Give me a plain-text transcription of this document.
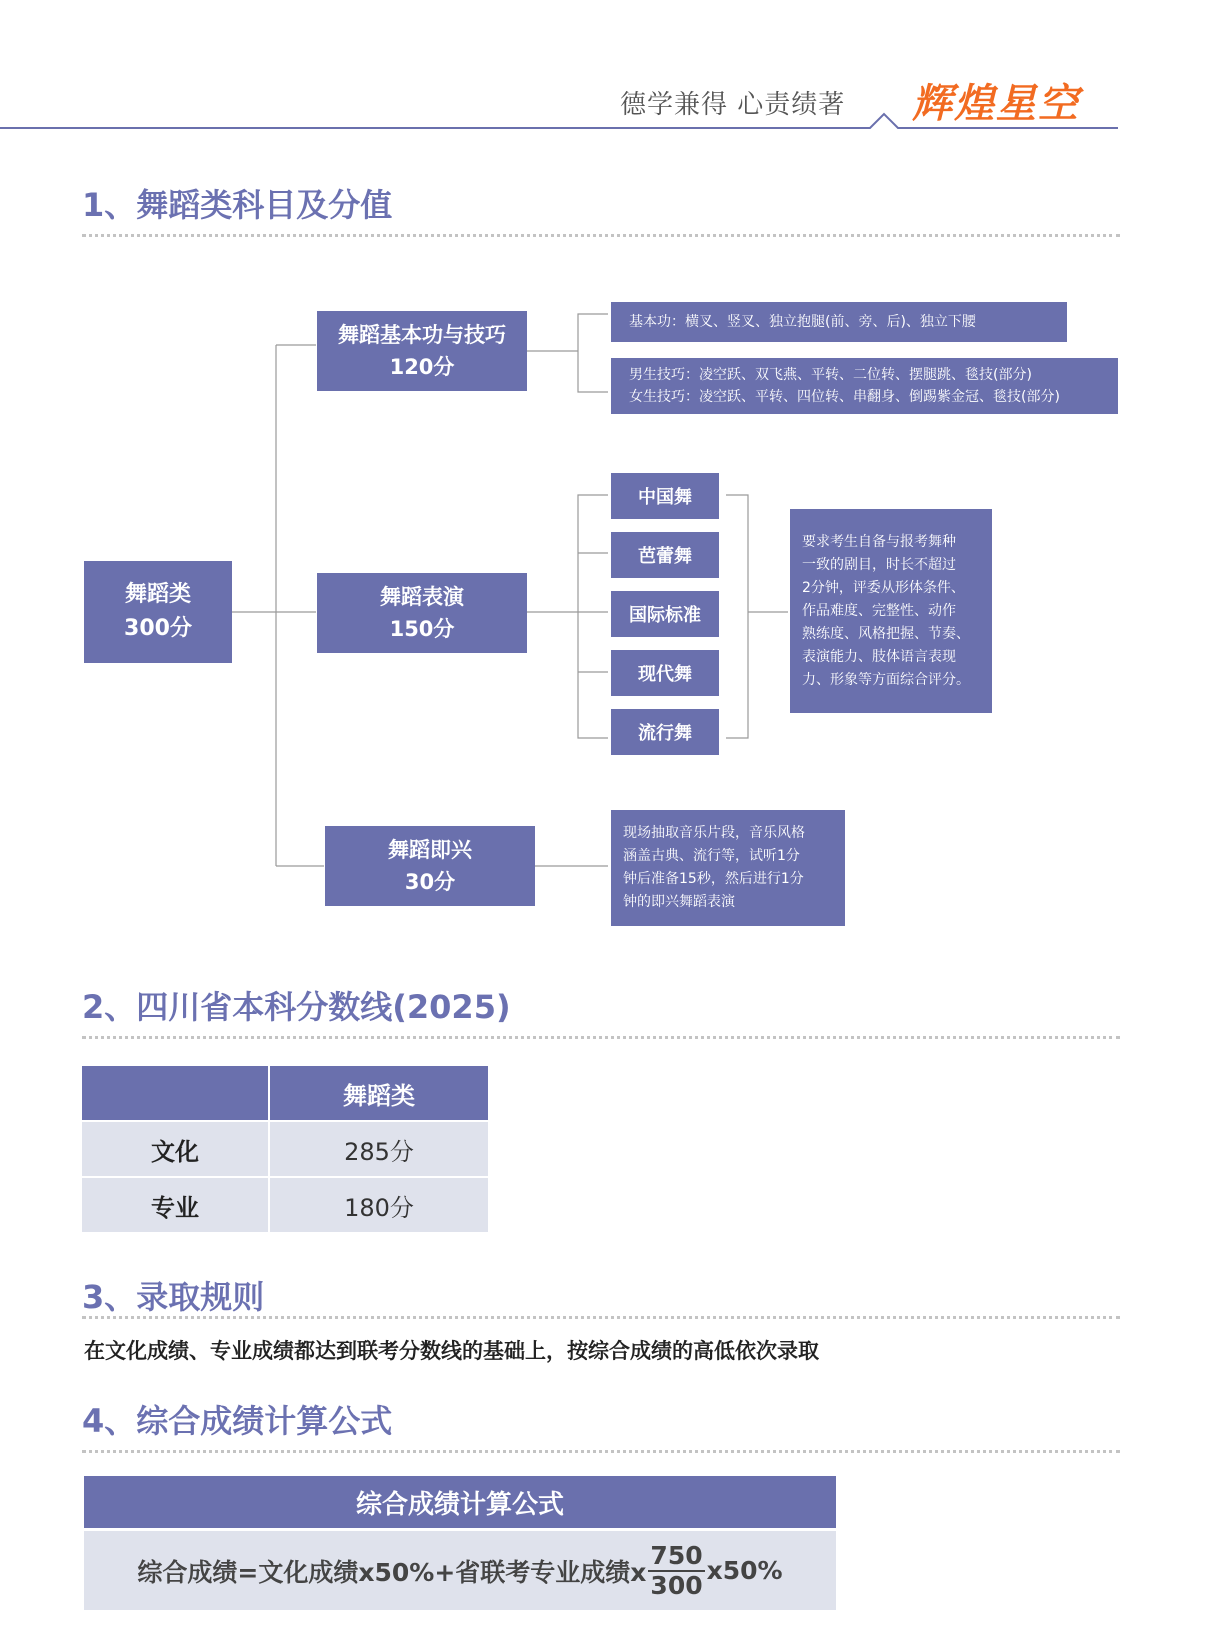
德学兼得 心责绩著 辉煌星空
1、舞蹈类科目及分值
舞蹈类
300分
舞蹈基本功与技巧
120分
基本功：横叉、竖叉、独立抱腿(前、旁、后)、独立下腰
男生技巧：凌空跃、双飞燕、平转、二位转、摆腿跳、毯技(部分)
女生技巧：凌空跃、平转、四位转、串翻身、倒踢紫金冠、毯技(部分)
舞蹈表演
150分
中国舞
芭蕾舞
国际标准
现代舞
流行舞
要求考生自备与报考舞种
一致的剧目，时长不超过
2分钟，评委从形体条件、
作品难度、完整性、动作
熟练度、风格把握、节奏、
表演能力、肢体语言表现
力、形象等方面综合评分。
舞蹈即兴
30分
现场抽取音乐片段，音乐风格
涵盖古典、流行等，试听1分
钟后准备15秒，然后进行1分
钟的即兴舞蹈表演
2、四川省本科分数线(2025)
舞蹈类
文化	285分
专业	180分
3、录取规则
在文化成绩、专业成绩都达到联考分数线的基础上，按综合成绩的高低依次录取
4、综合成绩计算公式
综合成绩计算公式
综合成绩=文化成绩x50%+省联考专业成绩x $\frac{750}{300} x50\%$
